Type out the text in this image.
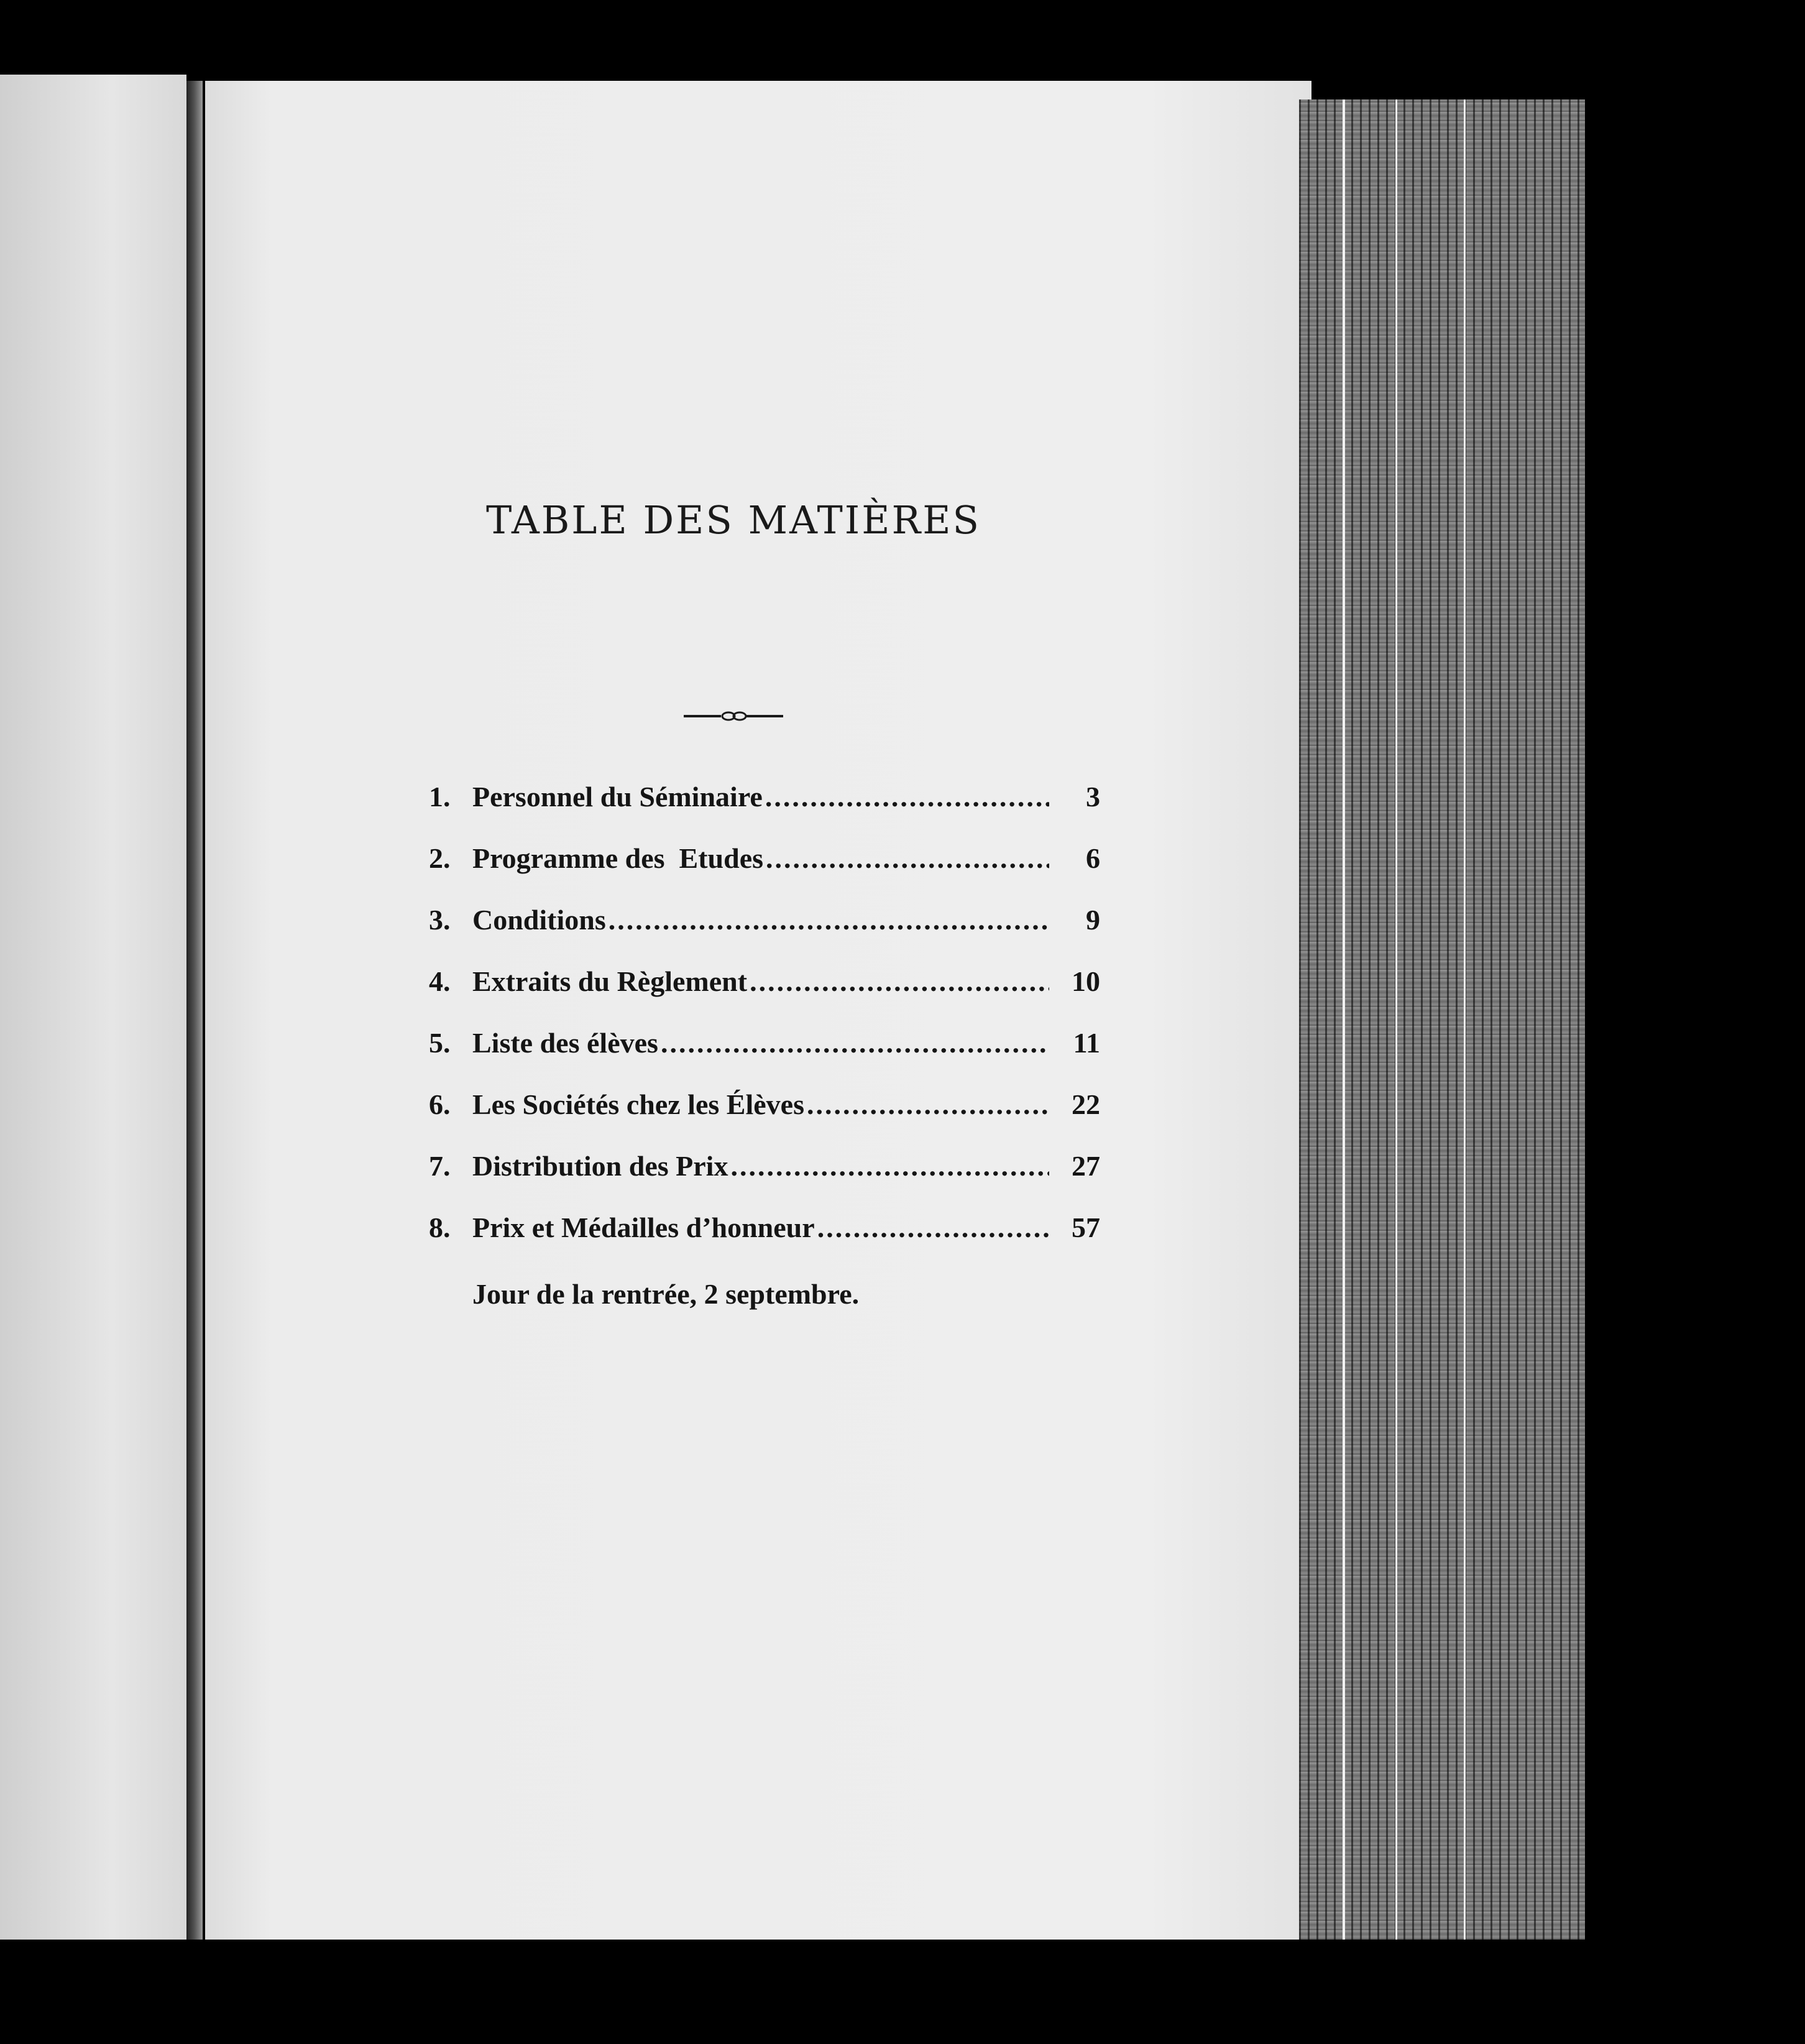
TABLE DES MATIÈRES
1. Personnel du Séminaire .....	3
2. Programme des  Etudes .....	6
3. Conditions .....	9
4. Extraits du Règlement .....	10
5. Liste des élèves .....	11
6. Les Sociétés chez les Élèves .....	22
7. Distribution des Prix .....	27
8. Prix et Médailles d’honneur .....	57
Jour de la rentrée, 2 septembre.
